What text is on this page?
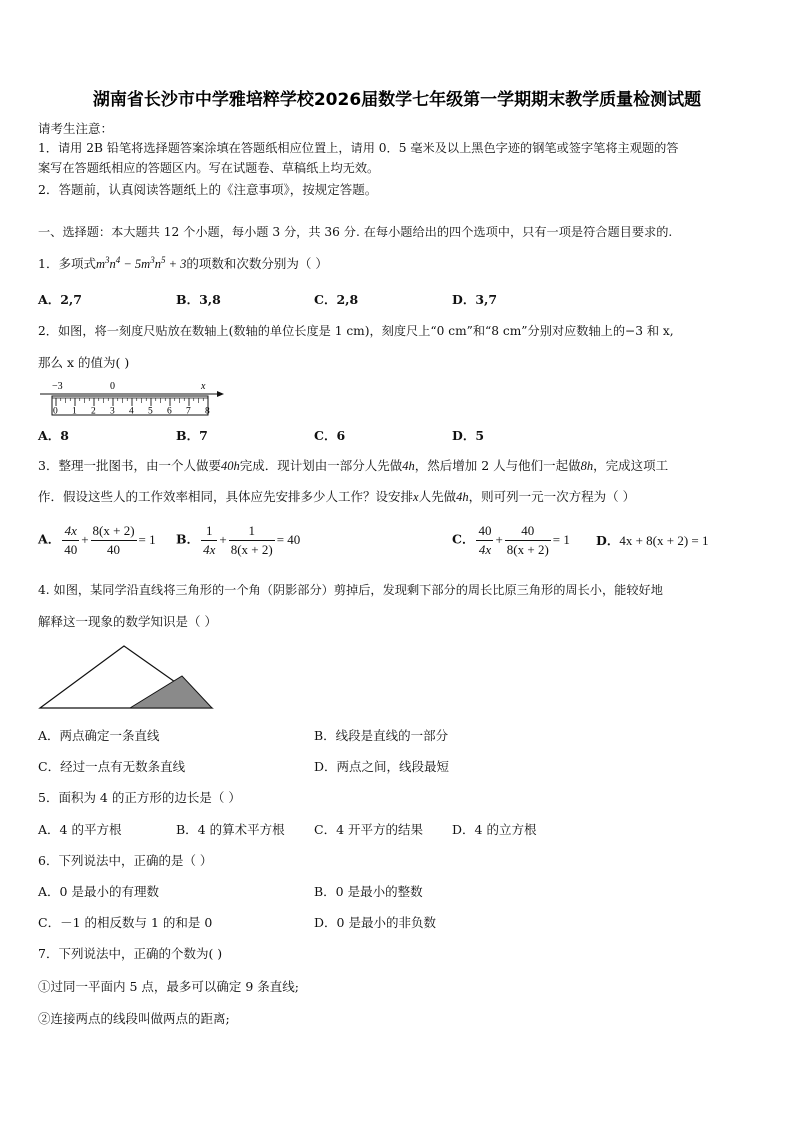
湖南省长沙市中学雅培粹学校2026届数学七年级第一学期期末教学质量检测试题
请考生注意：
1．请用 2B 铅笔将选择题答案涂填在答题纸相应位置上，请用 0．5 毫米及以上黑色字迹的钢笔或签字笔将主观题的答
案写在答题纸相应的答题区内。写在试题卷、草稿纸上均无效。
2．答题前，认真阅读答题纸上的《注意事项》，按规定答题。
一、选择题：本大题共 12 个小题，每小题 3 分，共 36 分. 在每小题给出的四个选项中，只有一项是符合题目要求的.
1．多项式$m^3n^4 - 5m^3n^5 + 3$的项数和次数分别为（ ）
A．2,7	B．3,8	C．2,8	D．3,7
2．如图，将一刻度尺贴放在数轴上(数轴的单位长度是 1 cm)，刻度尺上“0 cm”和“8 cm”分别对应数轴上的−3 和 x,
那么 x 的值为( )
−3	0	x
0 1 2 3 4 5 6 7 8
A．8	B．7	C．6	D．5
3．整理一批图书，由一个人做要40h完成．现计划由一部分人先做4h，然后增加 2 人与他们一起做8h，完成这项工
作．假设这些人的工作效率相同，具体应先安排多少人工作？设安排x人先做4h，则可列一元一次方程为（ ）
A． $\frac{4x}{40} + \frac{8(x + 2)}{40} = 1$ B． $\frac{1}{4x} + \frac{1}{8(x + 2)} = 40$	C． $\frac{40}{4x} + \frac{40}{8(x + 2)} = 1$ D．4x + 8(x + 2) = 1
4. 如图，某同学沿直线将三角形的一个角（阴影部分）剪掉后，发现剩下部分的周长比原三角形的周长小，能较好地
解释这一现象的数学知识是（ ）
A．两点确定一条直线	B．线段是直线的一部分
C．经过一点有无数条直线	D．两点之间，线段最短
5．面积为 4 的正方形的边长是（ ）
A．4 的平方根	B．4 的算术平方根 C．4 开平方的结果 D．4 的立方根
6．下列说法中，正确的是（ ）
A．0 是最小的有理数	B．0 是最小的整数
C．－1 的相反数与 1 的和是 0	D．0 是最小的非负数
7．下列说法中，正确的个数为( )
①过同一平面内 5 点，最多可以确定 9 条直线;
②连接两点的线段叫做两点的距离;
